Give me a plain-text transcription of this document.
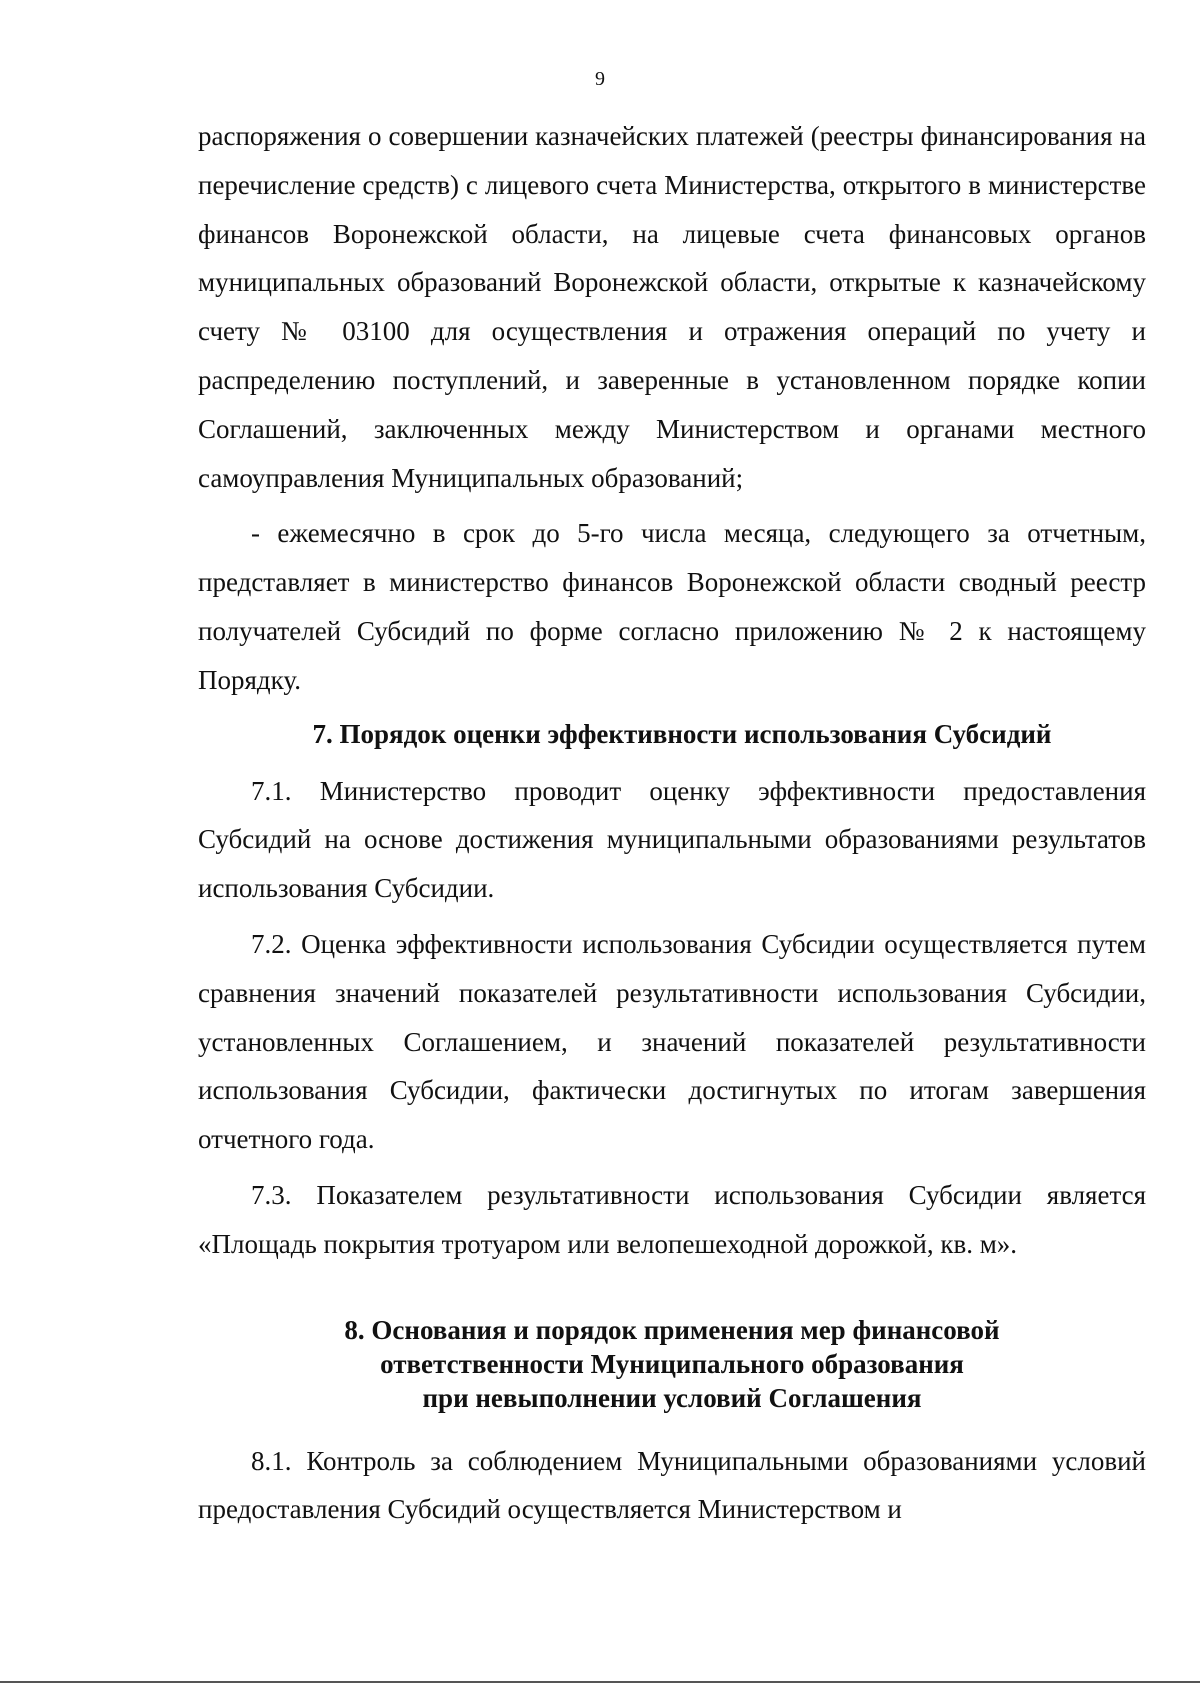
9

распоряжения о совершении казначейских платежей (реестры финансирования на перечисление средств) с лицевого счета Министерства, открытого в министерстве финансов Воронежской области, на лицевые счета финансовых органов муниципальных образований Воронежской области, открытые к казначейскому счету № 03100 для осуществления и отражения операций по учету и распределению поступлений, и заверенные в установленном порядке копии Соглашений, заключенных между Министерством и органами местного самоуправления Муниципальных образований;

- ежемесячно в срок до 5-го числа месяца, следующего за отчетным, представляет в министерство финансов Воронежской области сводный реестр получателей Субсидий по форме согласно приложению № 2 к настоящему Порядку.

7. Порядок оценки эффективности использования Субсидий

7.1. Министерство проводит оценку эффективности предоставления Субсидий на основе достижения муниципальными образованиями результатов использования Субсидии.

7.2. Оценка эффективности использования Субсидии осуществляется путем сравнения значений показателей результативности использования Субсидии, установленных Соглашением, и значений показателей результативности использования Субсидии, фактически достигнутых по итогам завершения отчетного года.

7.3. Показателем результативности использования Субсидии является «Площадь покрытия тротуаром или велопешеходной дорожкой, кв. м».

8. Основания и порядок применения мер финансовой
ответственности Муниципального образования
при невыполнении условий Соглашения

8.1. Контроль за соблюдением Муниципальными образованиями условий предоставления Субсидий осуществляется Министерством и
